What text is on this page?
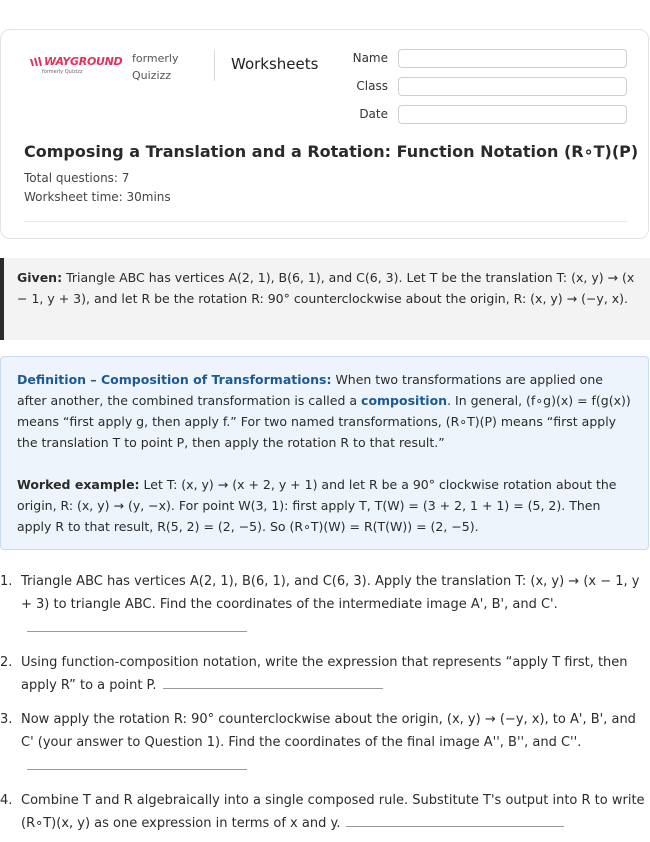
WAYGROUND
formerly Quizizz
formerly
Quizizz
Worksheets	Name
Class
Date
Composing a Translation and a Rotation: Function Notation (R∘T)(P)
Total questions: 7
Worksheet time: 30mins
Given: Triangle ABC has vertices A(2, 1), B(6, 1), and C(6, 3). Let T be the translation T: (x, y) → (x − 1, y + 3), and let R be the rotation R: 90° counterclockwise about the origin, R: (x, y) → (−y, x).
Definition – Composition of Transformations: When two transformations are applied one after another, the combined transformation is called a composition. In general, (f∘g)(x) = f(g(x)) means “first apply g, then apply f.” For two named transformations, (R∘T)(P) means “first apply the translation T to point P, then apply the rotation R to that result.”
Worked example: Let T: (x, y) → (x + 2, y + 1) and let R be a 90° clockwise rotation about the origin, R: (x, y) → (y, −x). For point W(3, 1): first apply T, T(W) = (3 + 2, 1 + 1) = (5, 2). Then apply R to that result, R(5, 2) = (2, −5). So (R∘T)(W) = R(T(W)) = (2, −5).
1. Triangle ABC has vertices A(2, 1), B(6, 1), and C(6, 3). Apply the translation T: (x, y) → (x − 1, y + 3) to triangle ABC. Find the coordinates of the intermediate image A', B', and C'.
2. Using function-composition notation, write the expression that represents “apply T first, then apply R” to a point P.
3. Now apply the rotation R: 90° counterclockwise about the origin, (x, y) → (−y, x), to A', B', and C' (your answer to Question 1). Find the coordinates of the final image A'', B'', and C''.
4. Combine T and R algebraically into a single composed rule. Substitute T's output into R to write (R∘T)(x, y) as one expression in terms of x and y.
